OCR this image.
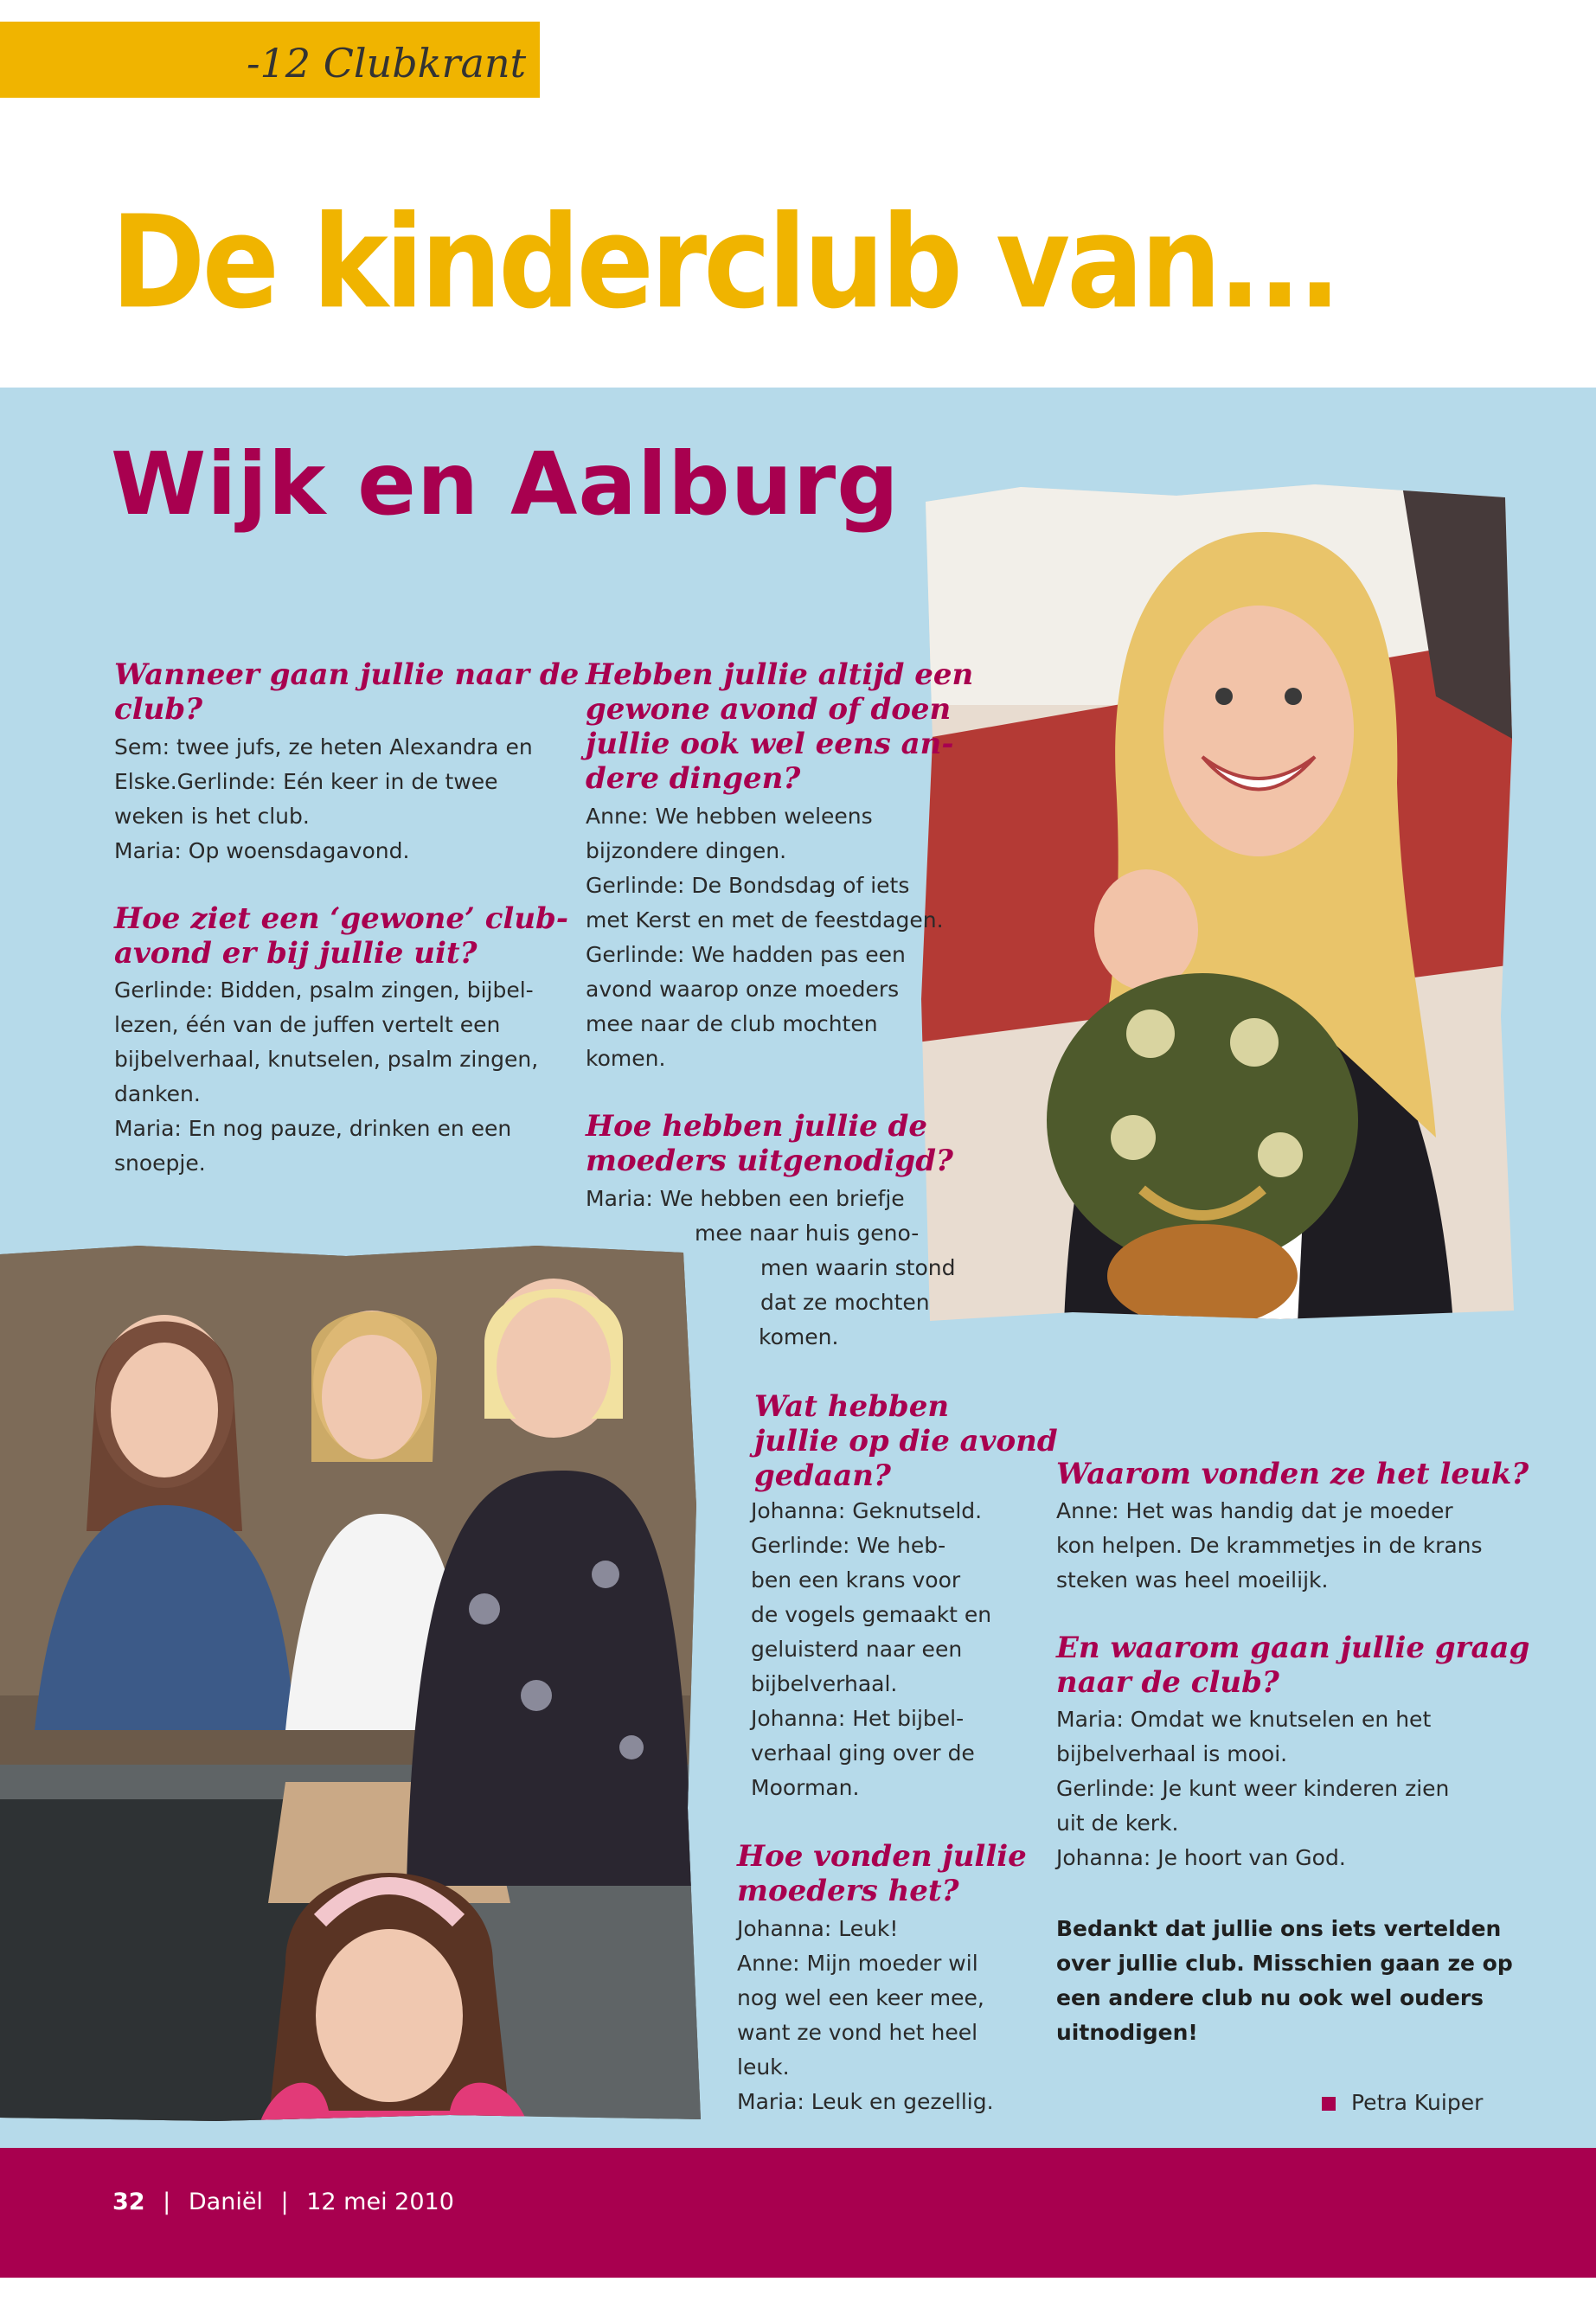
-12 Clubkrant
De kinderclub van...
Wijk en Aalburg
Wanneer gaan jullie naar de
club?
Sem: twee jufs, ze heten Alexandra en
Elske.Gerlinde: Eén keer in de twee
weken is het club.
Maria: Op woensdagavond.
Hoe ziet een ‘gewone’ club-
avond er bij jullie uit?
Gerlinde: Bidden, psalm zingen, bijbel-
lezen, één van de juffen vertelt een
bijbelverhaal, knutselen, psalm zingen,
danken.
Maria: En nog pauze, drinken en een
snoepje.
Hebben jullie altijd een
gewone avond of doen
jullie ook wel eens an-
dere dingen?
Anne: We hebben weleens
bijzondere dingen.
Gerlinde: De Bondsdag of iets
met Kerst en met de feestdagen.
Gerlinde: We hadden pas een
avond waarop onze moeders
mee naar de club mochten
komen.
Hoe hebben jullie de
moeders uitgenodigd?
Maria: We hebben een briefje
mee naar huis geno-
men waarin stond
dat ze mochten
komen.
Wat hebben
jullie op die avond
gedaan?
Johanna: Geknutseld.
Gerlinde: We heb-
ben een krans voor
de vogels gemaakt en
geluisterd naar een
bijbelverhaal.
Johanna: Het bijbel-
verhaal ging over de
Moorman.
Hoe vonden jullie
moeders het?
Johanna: Leuk!
Anne: Mijn moeder wil
nog wel een keer mee,
want ze vond het heel
leuk.
Maria: Leuk en gezellig.
Waarom vonden ze het leuk?
Anne: Het was handig dat je moeder
kon helpen. De krammetjes in de krans
steken was heel moeilijk.
En waarom gaan jullie graag
naar de club?
Maria: Omdat we knutselen en het
bijbelverhaal is mooi.
Gerlinde: Je kunt weer kinderen zien
uit de kerk.
Johanna: Je hoort van God.
Bedankt dat jullie ons iets vertelden
over jullie club. Misschien gaan ze op
een andere club nu ook wel ouders
uitnodigen!
Petra Kuiper
32 | Daniël | 12 mei 2010
